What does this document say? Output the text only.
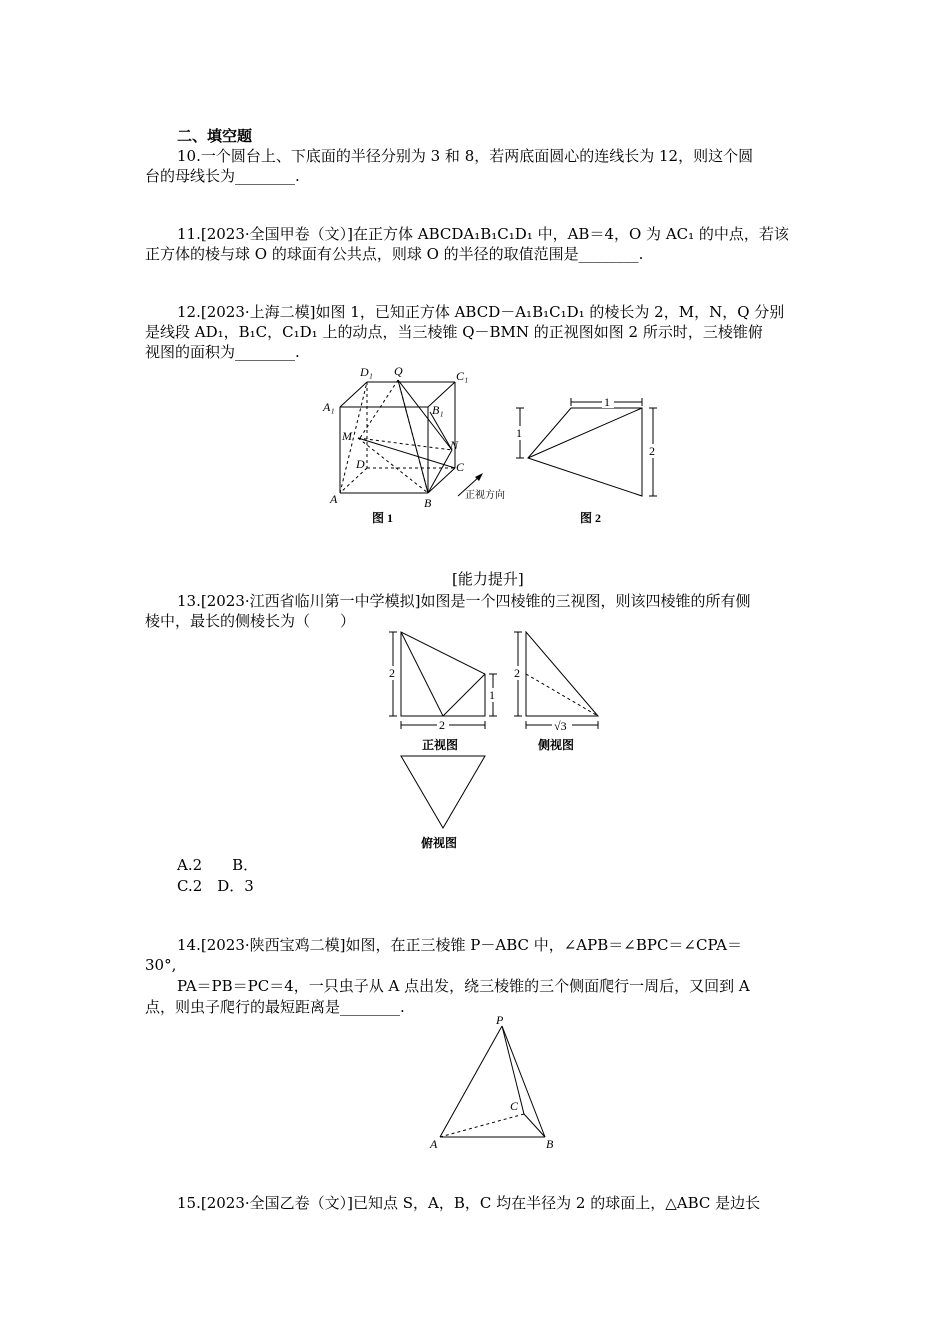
二、填空题
10.一个圆台上、下底面的半径分别为 3 和 8，若两底面圆心的连线长为 12，则这个圆
台的母线长为________.
11.[2023·全国甲卷（文）]在正方体 ABCDA₁B₁C₁D₁ 中，AB＝4，O 为 AC₁ 的中点，若该
正方体的棱与球 O 的球面有公共点，则球 O 的半径的取值范围是________.
12.[2023·上海二模]如图 1，已知正方体 ABCD－A₁B₁C₁D₁ 的棱长为 2，M，N，Q 分别
是线段 AD₁，B₁C，C₁D₁ 上的动点，当三棱锥 Q－BMN 的正视图如图 2 所示时，三棱锥俯
视图的面积为________.
D₁ Q	C₁
A₁	B₁
M
N
D	C
A	B
正视方向
图 1
1
1
2
图 2
[能力提升]
13.[2023·江西省临川第一中学模拟]如图是一个四棱锥的三视图，则该四棱锥的所有侧
棱中，最长的侧棱长为（　　）
2
1
2
正视图
2
√3
侧视图
俯视图
A.2　　B．
C.2　D．3
14.[2023·陕西宝鸡二模]如图，在正三棱锥 P－ABC 中，∠APB＝∠BPC＝∠CPA＝
30°,
PA＝PB＝PC＝4，一只虫子从 A 点出发，绕三棱锥的三个侧面爬行一周后，又回到 A
点，则虫子爬行的最短距离是________.
P
A	B
C
15.[2023·全国乙卷（文）]已知点 S，A，B，C 均在半径为 2 的球面上，△ABC 是边长
